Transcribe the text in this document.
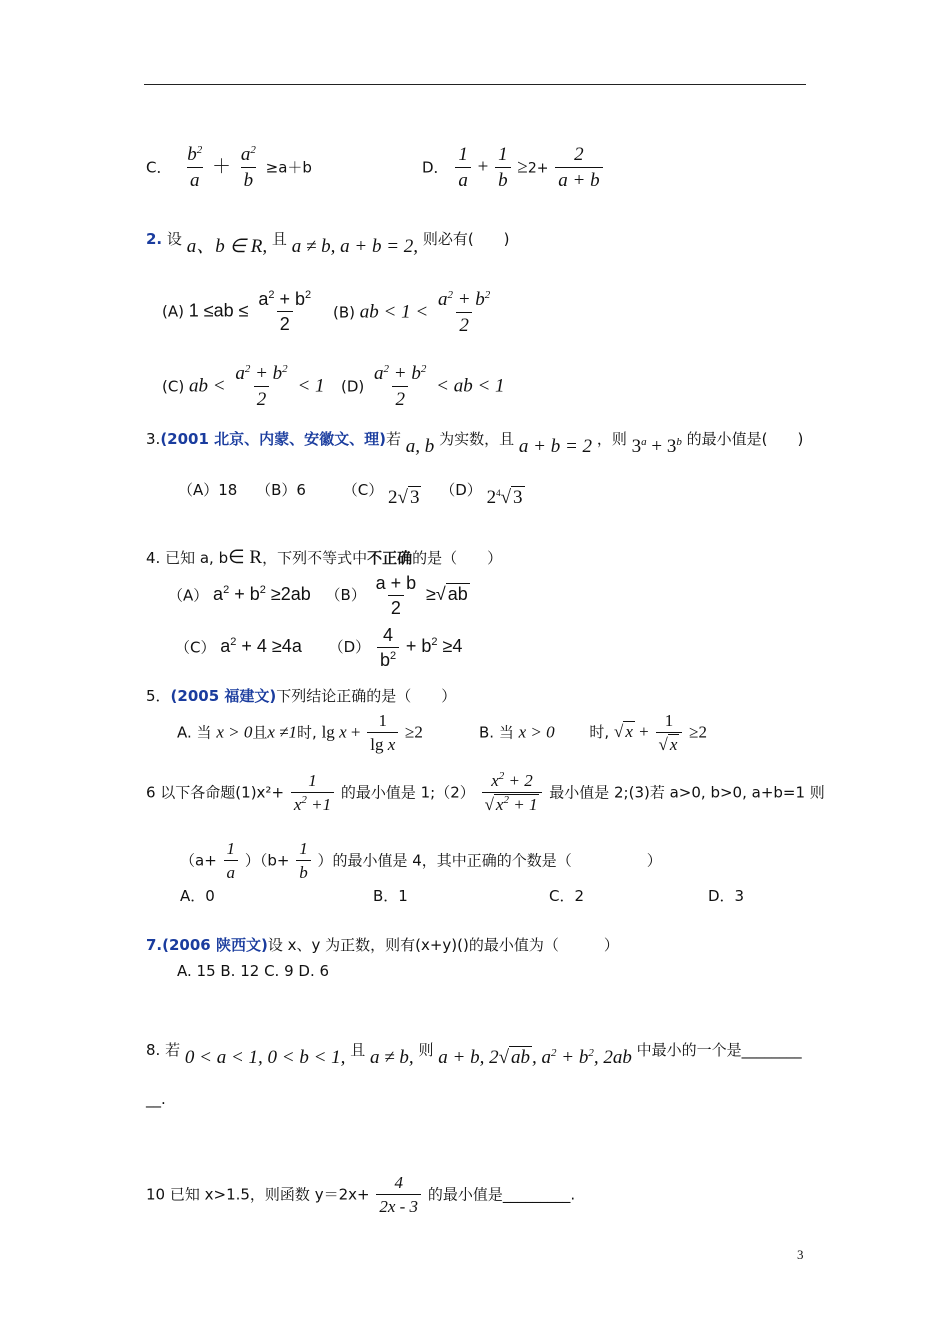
C． $\frac{b^2}{a} + \frac{a^2}{b} \ge a+b$	D． $\frac{1}{a} + \frac{1}{b} \ge 2+ \frac{2}{a + b}$
2. 设 a、b ∈ R, 且 a ≠ b, a + b = 2, 则必有(　　)
(A) $1 \le ab \le \frac{a^2 + b^2}{2} (B)$ ab < $1 < \frac{a^2 + b^2}{2}$
(C) ab < $\frac{a^2 + b^2}{2} < 1$ $(D) \frac{a^2 + b^2}{2}$ < ab < 1
3.(2001 北京、内蒙、安徽文、理)若 a, b 为实数，且 a + b = 2 ，则 $3^a + 3^b$ 的最小值是(　　)
（A）18 （B）6 （C） 2√ 3 （D） $2^4√$ 3
4. 已知 a, b∈ R，下列不等式中不正确的是（　　）
（A） $a^2 + b^2 \ge 2ab$ $(B) \frac{a + b}{2}$ ≥√ ab
（C） $a^2 + 4 \ge 4a$ $(D) \frac{4}{b^2} + b^2 \ge 4$
5．(2005 福建文)下列结论正确的是（　　）
A. 当 x > 0且x ≠1时, $\lg x + \frac{1}{\text{lg x}} \ge 2$	B. 当 x > 0 时, √ $x + \frac{1}{√ x} \ge 2$
6 以下各命题$(1)x^2+ \frac{1}{x^2 +1}$ 的最小值是 1;（2） $\frac{x^2 + 2}{√ x^2 + 1}$ 最小值是 2;(3)若 a>0, b>0, a+b=1 则
$(a+ \frac{1}{a} )(b+ \frac{1}{b}$ ）的最小值是 4，其中正确的个数是（　　　　　）
A．0	B．1	C．2	D．3
7.(2006 陕西文)设 x、y 为正数，则有(x+y)()的最小值为（　　　）
A. 15 B. 12 C. 9 D. 6
8. 若 0 < a < 1, 0 < b < 1, 且 a ≠ b, 则 a + b, 2√ ab , $a^2 + b^2$, 2ab 中最小的一个是________
__.
10 已知 x>1.5，则函数 $y=2x+ \frac{4}{2x - 3}$ 的最小值是_________.
3
